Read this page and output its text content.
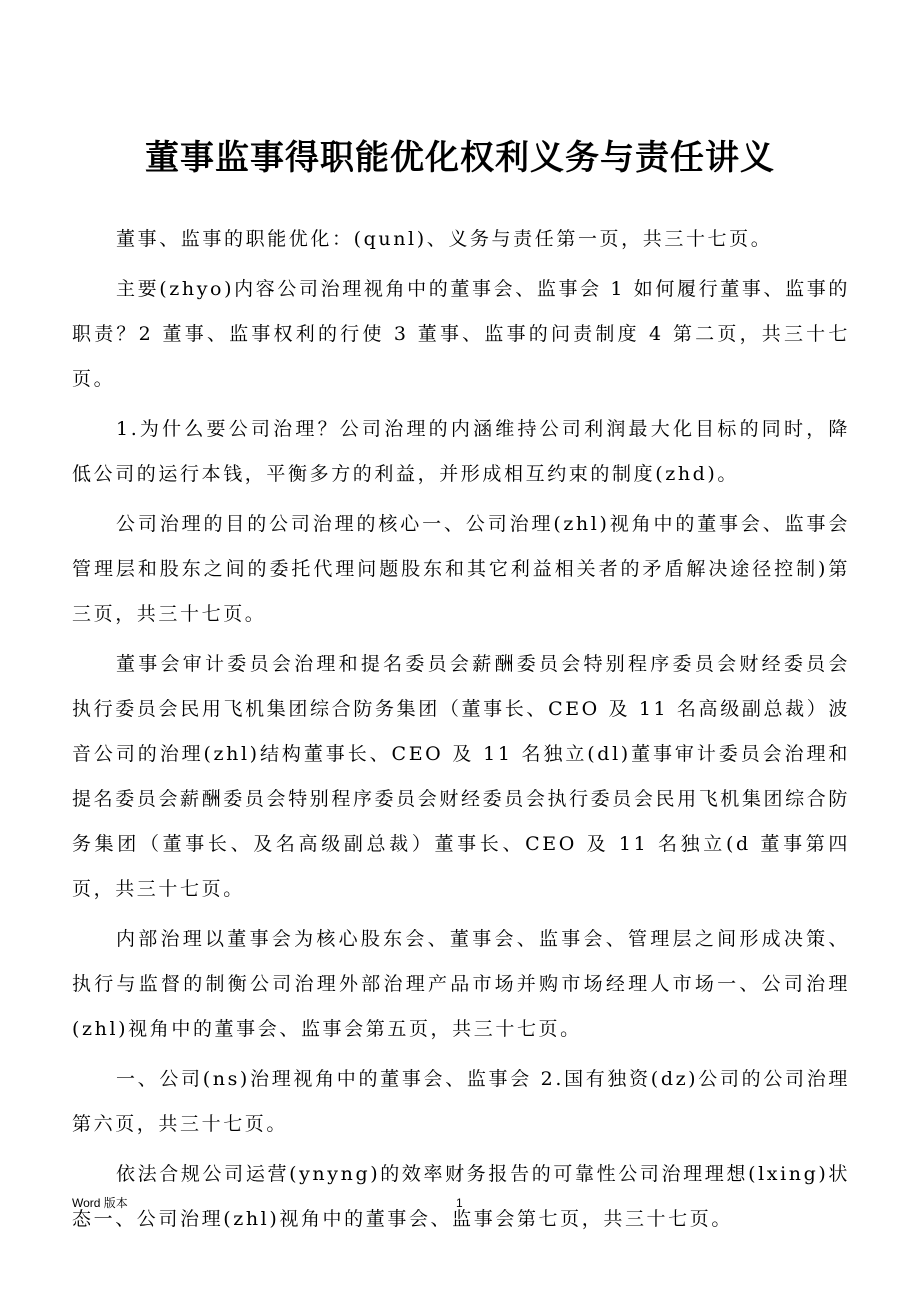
董事监事得职能优化权利义务与责任讲义

董事、监事的职能优化：(qunl)、义务与责任第一页，共三十七页。

主要(zhyo)内容公司治理视角中的董事会、监事会 1 如何履行董事、监事的职责？2 董事、监事权利的行使 3 董事、监事的问责制度 4 第二页，共三十七页。

1.为什么要公司治理？公司治理的内涵维持公司利润最大化目标的同时，降低公司的运行本钱，平衡多方的利益，并形成相互约束的制度(zhd)。

公司治理的目的公司治理的核心一、公司治理(zhl)视角中的董事会、监事会管理层和股东之间的委托代理问题股东和其它利益相关者的矛盾解决途径控制)第三页，共三十七页。

董事会审计委员会治理和提名委员会薪酬委员会特别程序委员会财经委员会执行委员会民用飞机集团综合防务集团（董事长、CEO 及 11 名高级副总裁）波音公司的治理(zhl)结构董事长、CEO 及 11 名独立(dl)董事审计委员会治理和提名委员会薪酬委员会特别程序委员会财经委员会执行委员会民用飞机集团综合防务集团（董事长、及名高级副总裁）董事长、CEO 及 11 名独立(d 董事第四页，共三十七页。

内部治理以董事会为核心股东会、董事会、监事会、管理层之间形成决策、执行与监督的制衡公司治理外部治理产品市场并购市场经理人市场一、公司治理(zhl)视角中的董事会、监事会第五页，共三十七页。

一、公司(ns)治理视角中的董事会、监事会 2.国有独资(dz)公司的公司治理第六页，共三十七页。

依法合规公司运营(ynyng)的效率财务报告的可靠性公司治理理想(lxing)状态一、公司治理(zhl)视角中的董事会、监事会第七页，共三十七页。

Word 版本	1
